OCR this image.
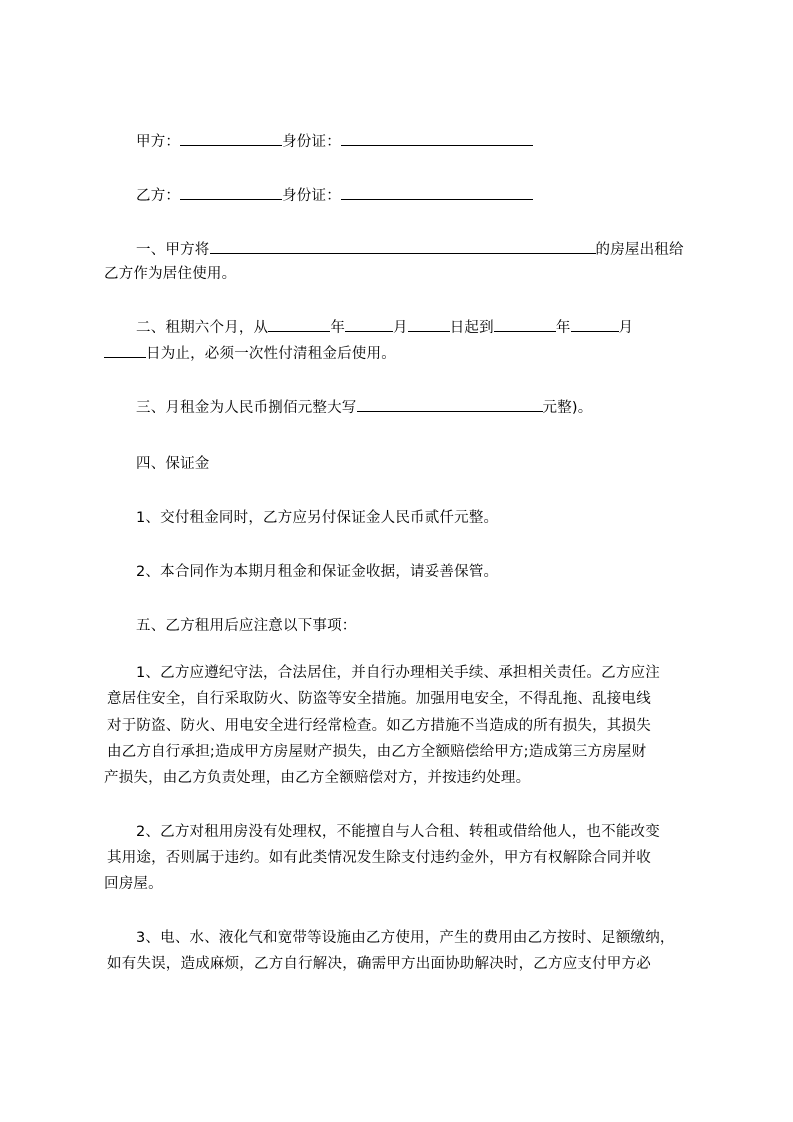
甲方：	身份证：
乙方：	身份证：
一、甲方将	的房屋出租给
乙方作为居住使用。
二、租期六个月，从	年	月	日起到	年	月
日为止，必须一次性付清租金后使用。
三、月租金为人民币捌佰元整大写	元整)。
四、保证金
1、交付租金同时，乙方应另付保证金人民币贰仟元整。
2、本合同作为本期月租金和保证金收据，请妥善保管。
五、乙方租用后应注意以下事项：
1、乙方应遵纪守法，合法居住，并自行办理相关手续、承担相关责任。乙方应注
意居住安全，自行采取防火、防盗等安全措施。加强用电安全，不得乱拖、乱接电线
对于防盗、防火、用电安全进行经常检查。如乙方措施不当造成的所有损失，其损失
由乙方自行承担;造成甲方房屋财产损失，由乙方全额赔偿给甲方;造成第三方房屋财
产损失，由乙方负责处理，由乙方全额赔偿对方，并按违约处理。
2、乙方对租用房没有处理权，不能擅自与人合租、转租或借给他人，也不能改变
其用途，否则属于违约。如有此类情况发生除支付违约金外，甲方有权解除合同并收
回房屋。
3、电、水、液化气和宽带等设施由乙方使用，产生的费用由乙方按时、足额缴纳，
如有失误，造成麻烦，乙方自行解决，确需甲方出面协助解决时，乙方应支付甲方必
